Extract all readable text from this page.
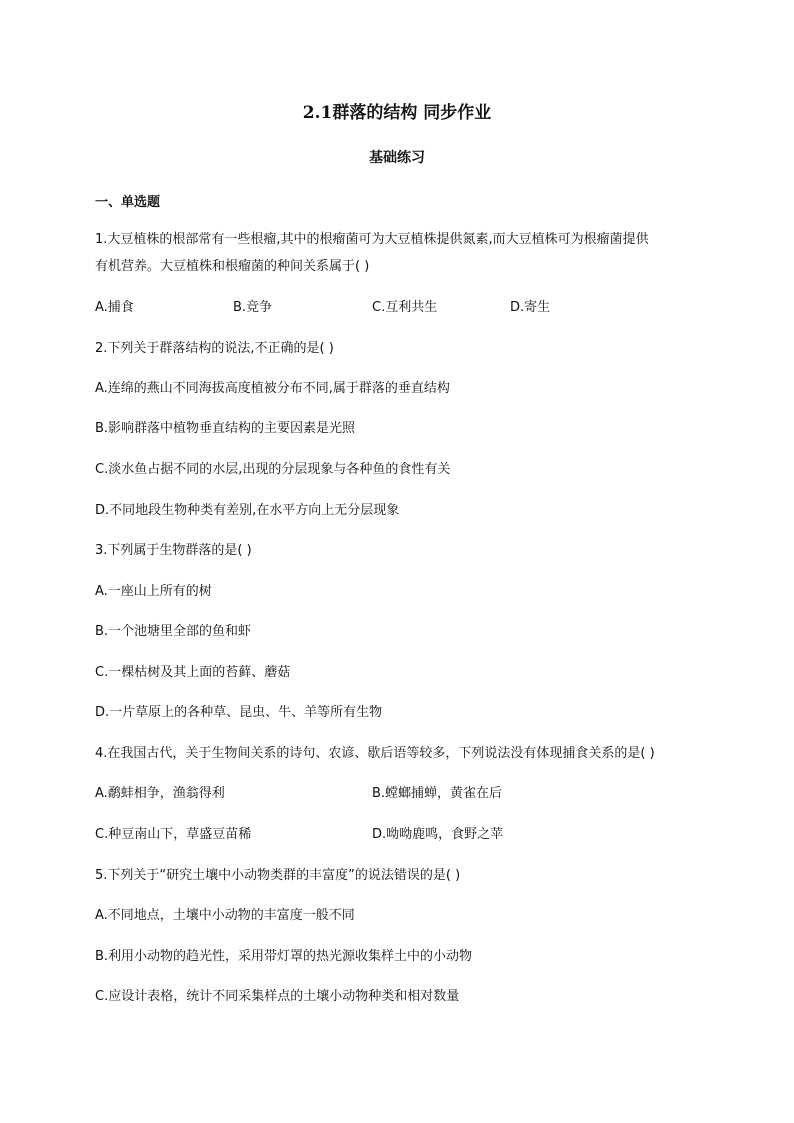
2.1群落的结构 同步作业
基础练习
一、单选题
1.大豆植株的根部常有一些根瘤,其中的根瘤菌可为大豆植株提供氮素,而大豆植株可为根瘤菌提供
有机营养。大豆植株和根瘤菌的种间关系属于( )
A.捕食	B.竞争	C.互利共生	D.寄生
2.下列关于群落结构的说法,不正确的是( )
A.连绵的燕山不同海拔高度植被分布不同,属于群落的垂直结构
B.影响群落中植物垂直结构的主要因素是光照
C.淡水鱼占据不同的水层,出现的分层现象与各种鱼的食性有关
D.不同地段生物种类有差别,在水平方向上无分层现象
3.下列属于生物群落的是( )
A.一座山上所有的树
B.一个池塘里全部的鱼和虾
C.一棵枯树及其上面的苔藓、蘑菇
D.一片草原上的各种草、昆虫、牛、羊等所有生物
4.在我国古代，关于生物间关系的诗句、农谚、歇后语等较多，下列说法没有体现捕食关系的是( )
A.鹬蚌相争，渔翁得利	B.螳螂捕蝉，黄雀在后
C.种豆南山下，草盛豆苗稀	D.呦呦鹿鸣，食野之苹
5.下列关于“研究土壤中小动物类群的丰富度”的说法错误的是( )
A.不同地点，土壤中小动物的丰富度一般不同
B.利用小动物的趋光性，采用带灯罩的热光源收集样土中的小动物
C.应设计表格，统计不同采集样点的土壤小动物种类和相对数量
